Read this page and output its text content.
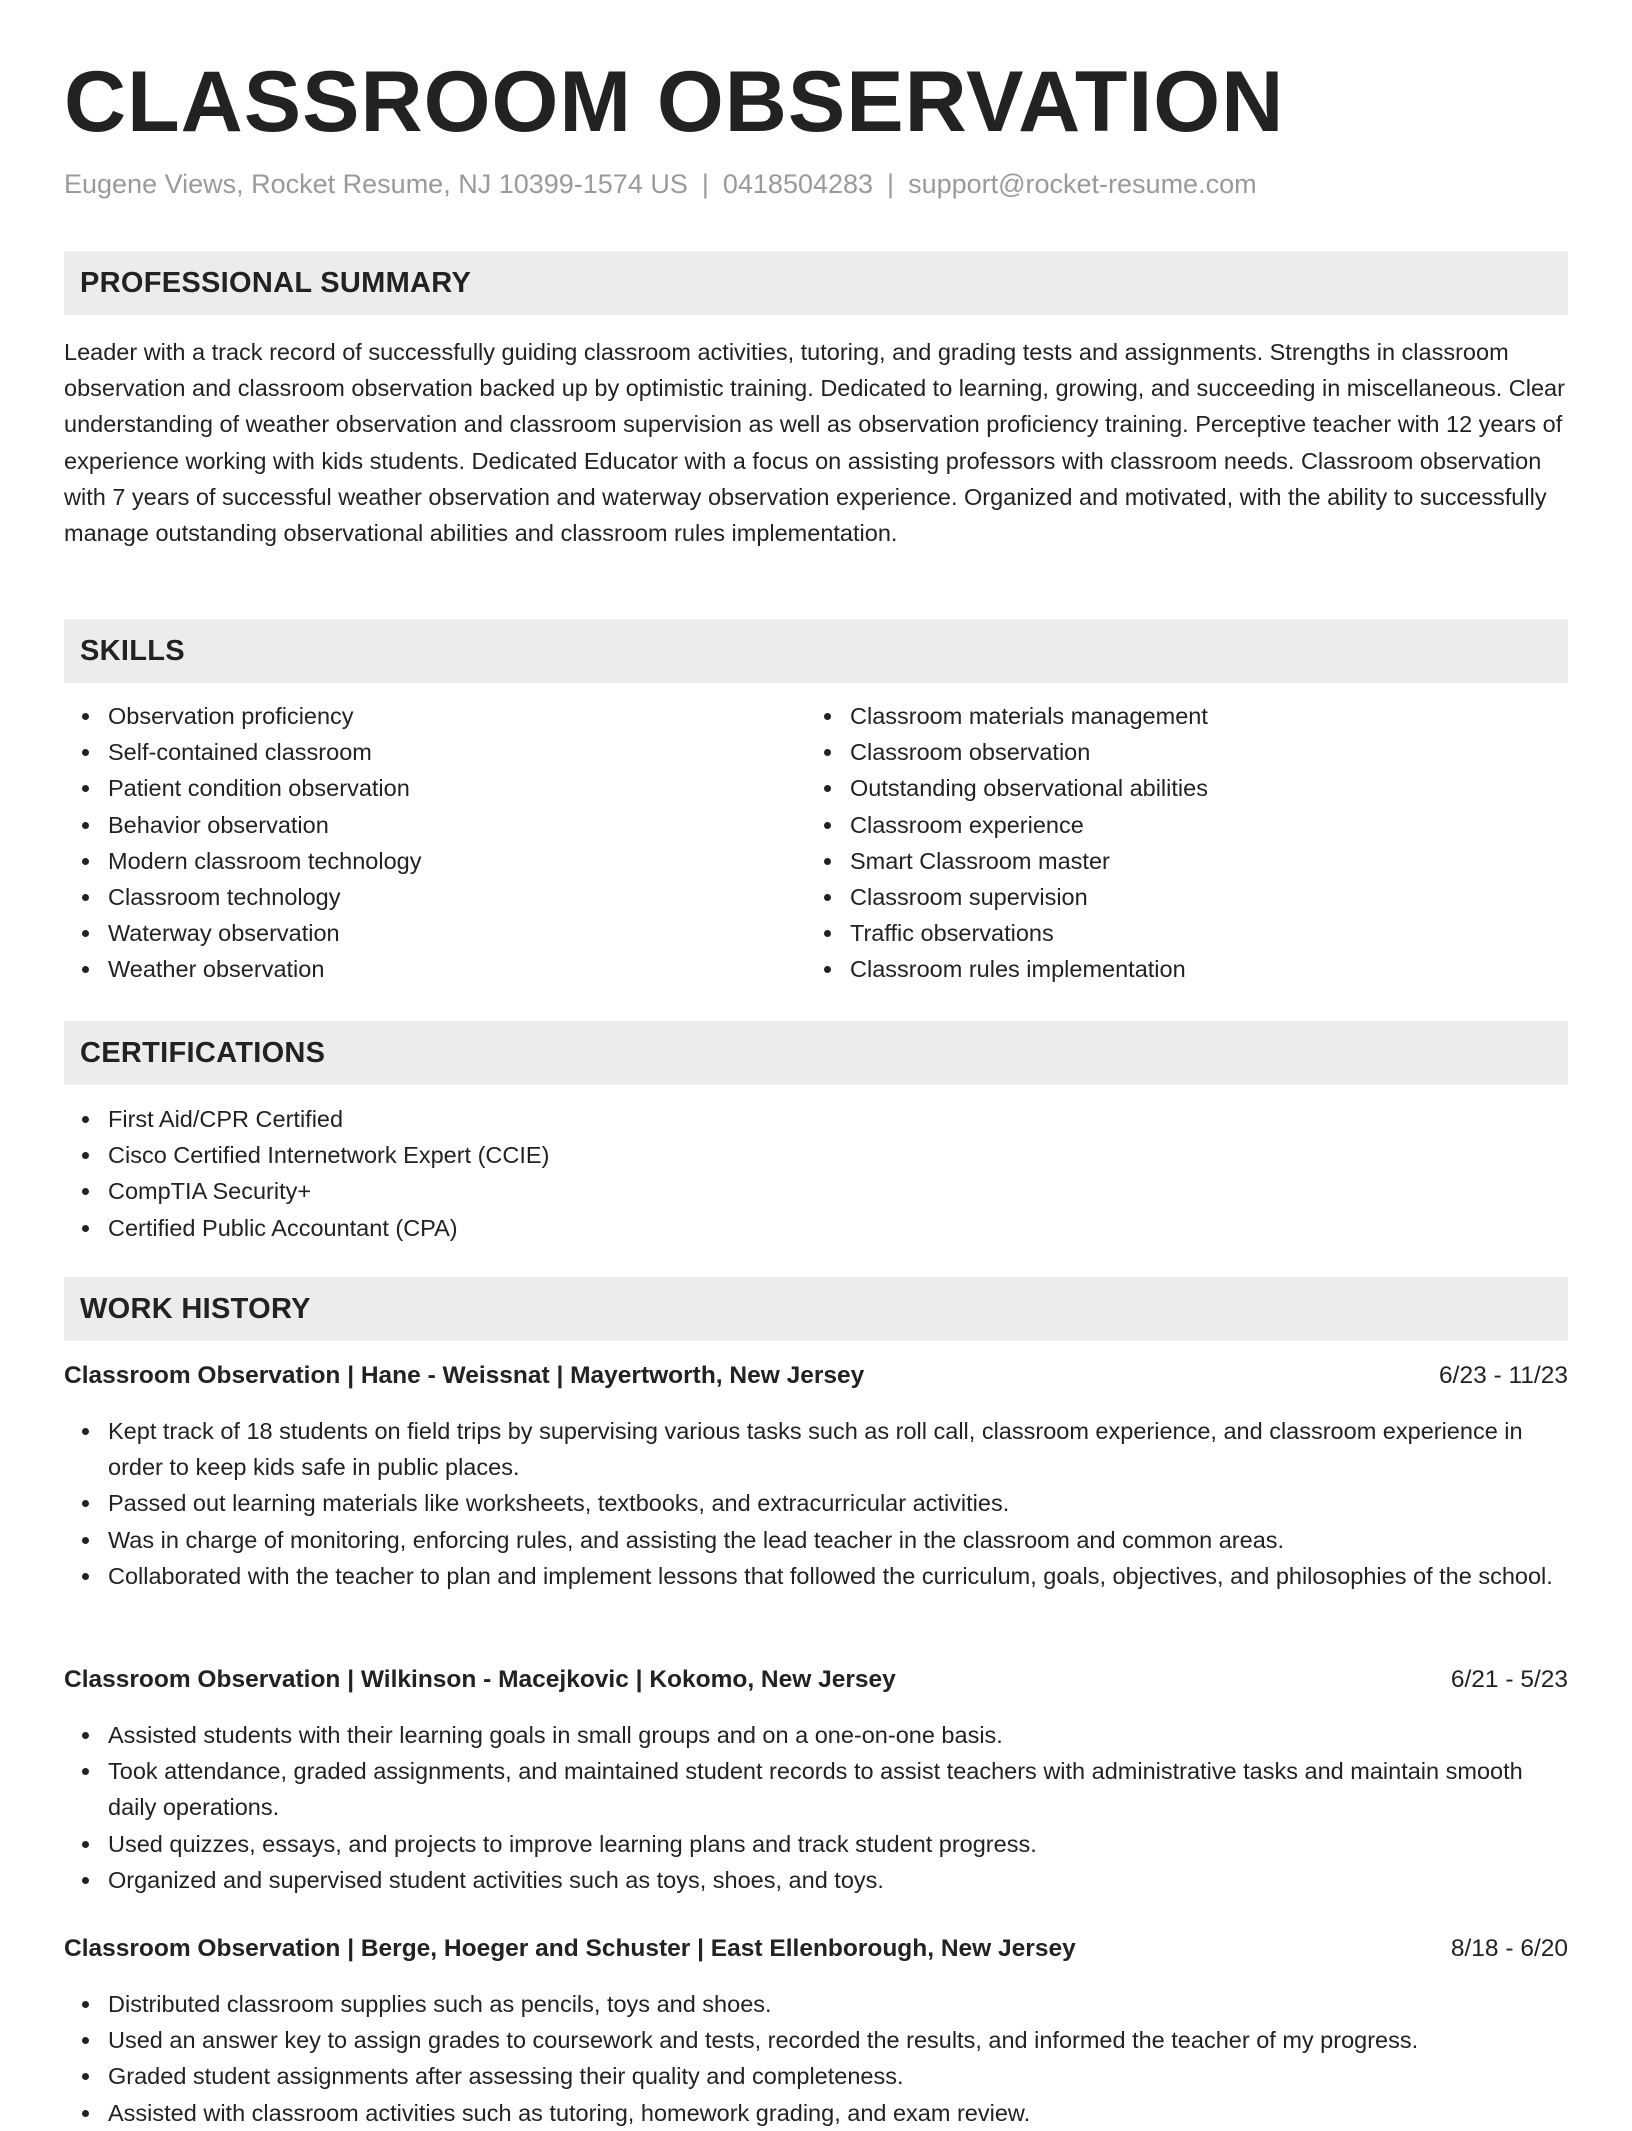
CLASSROOM OBSERVATION
Eugene Views, Rocket Resume, NJ 10399-1574 US | 0418504283 | support@rocket-resume.com
PROFESSIONAL SUMMARY

Leader with a track record of successfully guiding classroom activities, tutoring, and grading tests and assignments. Strengths in classroom observation and classroom observation backed up by optimistic training. Dedicated to learning, growing, and succeeding in miscellaneous. Clear understanding of weather observation and classroom supervision as well as observation proficiency training. Perceptive teacher with 12 years of experience working with kids students. Dedicated Educator with a focus on assisting professors with classroom needs. Classroom observation with 7 years of successful weather observation and waterway observation experience. Organized and motivated, with the ability to successfully manage outstanding observational abilities and classroom rules implementation.

SKILLS
Observation proficiency
Self-contained classroom
Patient condition observation
Behavior observation
Modern classroom technology
Classroom technology
Waterway observation
Weather observation
Classroom materials management
Classroom observation
Outstanding observational abilities
Classroom experience
Smart Classroom master
Classroom supervision
Traffic observations
Classroom rules implementation
CERTIFICATIONS
First Aid/CPR Certified
Cisco Certified Internetwork Expert (CCIE)
CompTIA Security+
Certified Public Accountant (CPA)
WORK HISTORY
Classroom Observation | Hane - Weissnat | Mayertworth, New Jersey	6/23 - 11/23
Kept track of 18 students on field trips by supervising various tasks such as roll call, classroom experience, and classroom experience in order to keep kids safe in public places.
Passed out learning materials like worksheets, textbooks, and extracurricular activities.
Was in charge of monitoring, enforcing rules, and assisting the lead teacher in the classroom and common areas.
Collaborated with the teacher to plan and implement lessons that followed the curriculum, goals, objectives, and philosophies of the school.
Classroom Observation | Wilkinson - Macejkovic | Kokomo, New Jersey	6/21 - 5/23
Assisted students with their learning goals in small groups and on a one-on-one basis.
Took attendance, graded assignments, and maintained student records to assist teachers with administrative tasks and maintain smooth daily operations.
Used quizzes, essays, and projects to improve learning plans and track student progress.
Organized and supervised student activities such as toys, shoes, and toys.
Classroom Observation | Berge, Hoeger and Schuster | East Ellenborough, New Jersey	8/18 - 6/20
Distributed classroom supplies such as pencils, toys and shoes.
Used an answer key to assign grades to coursework and tests, recorded the results, and informed the teacher of my progress.
Graded student assignments after assessing their quality and completeness.
Assisted with classroom activities such as tutoring, homework grading, and exam review.
